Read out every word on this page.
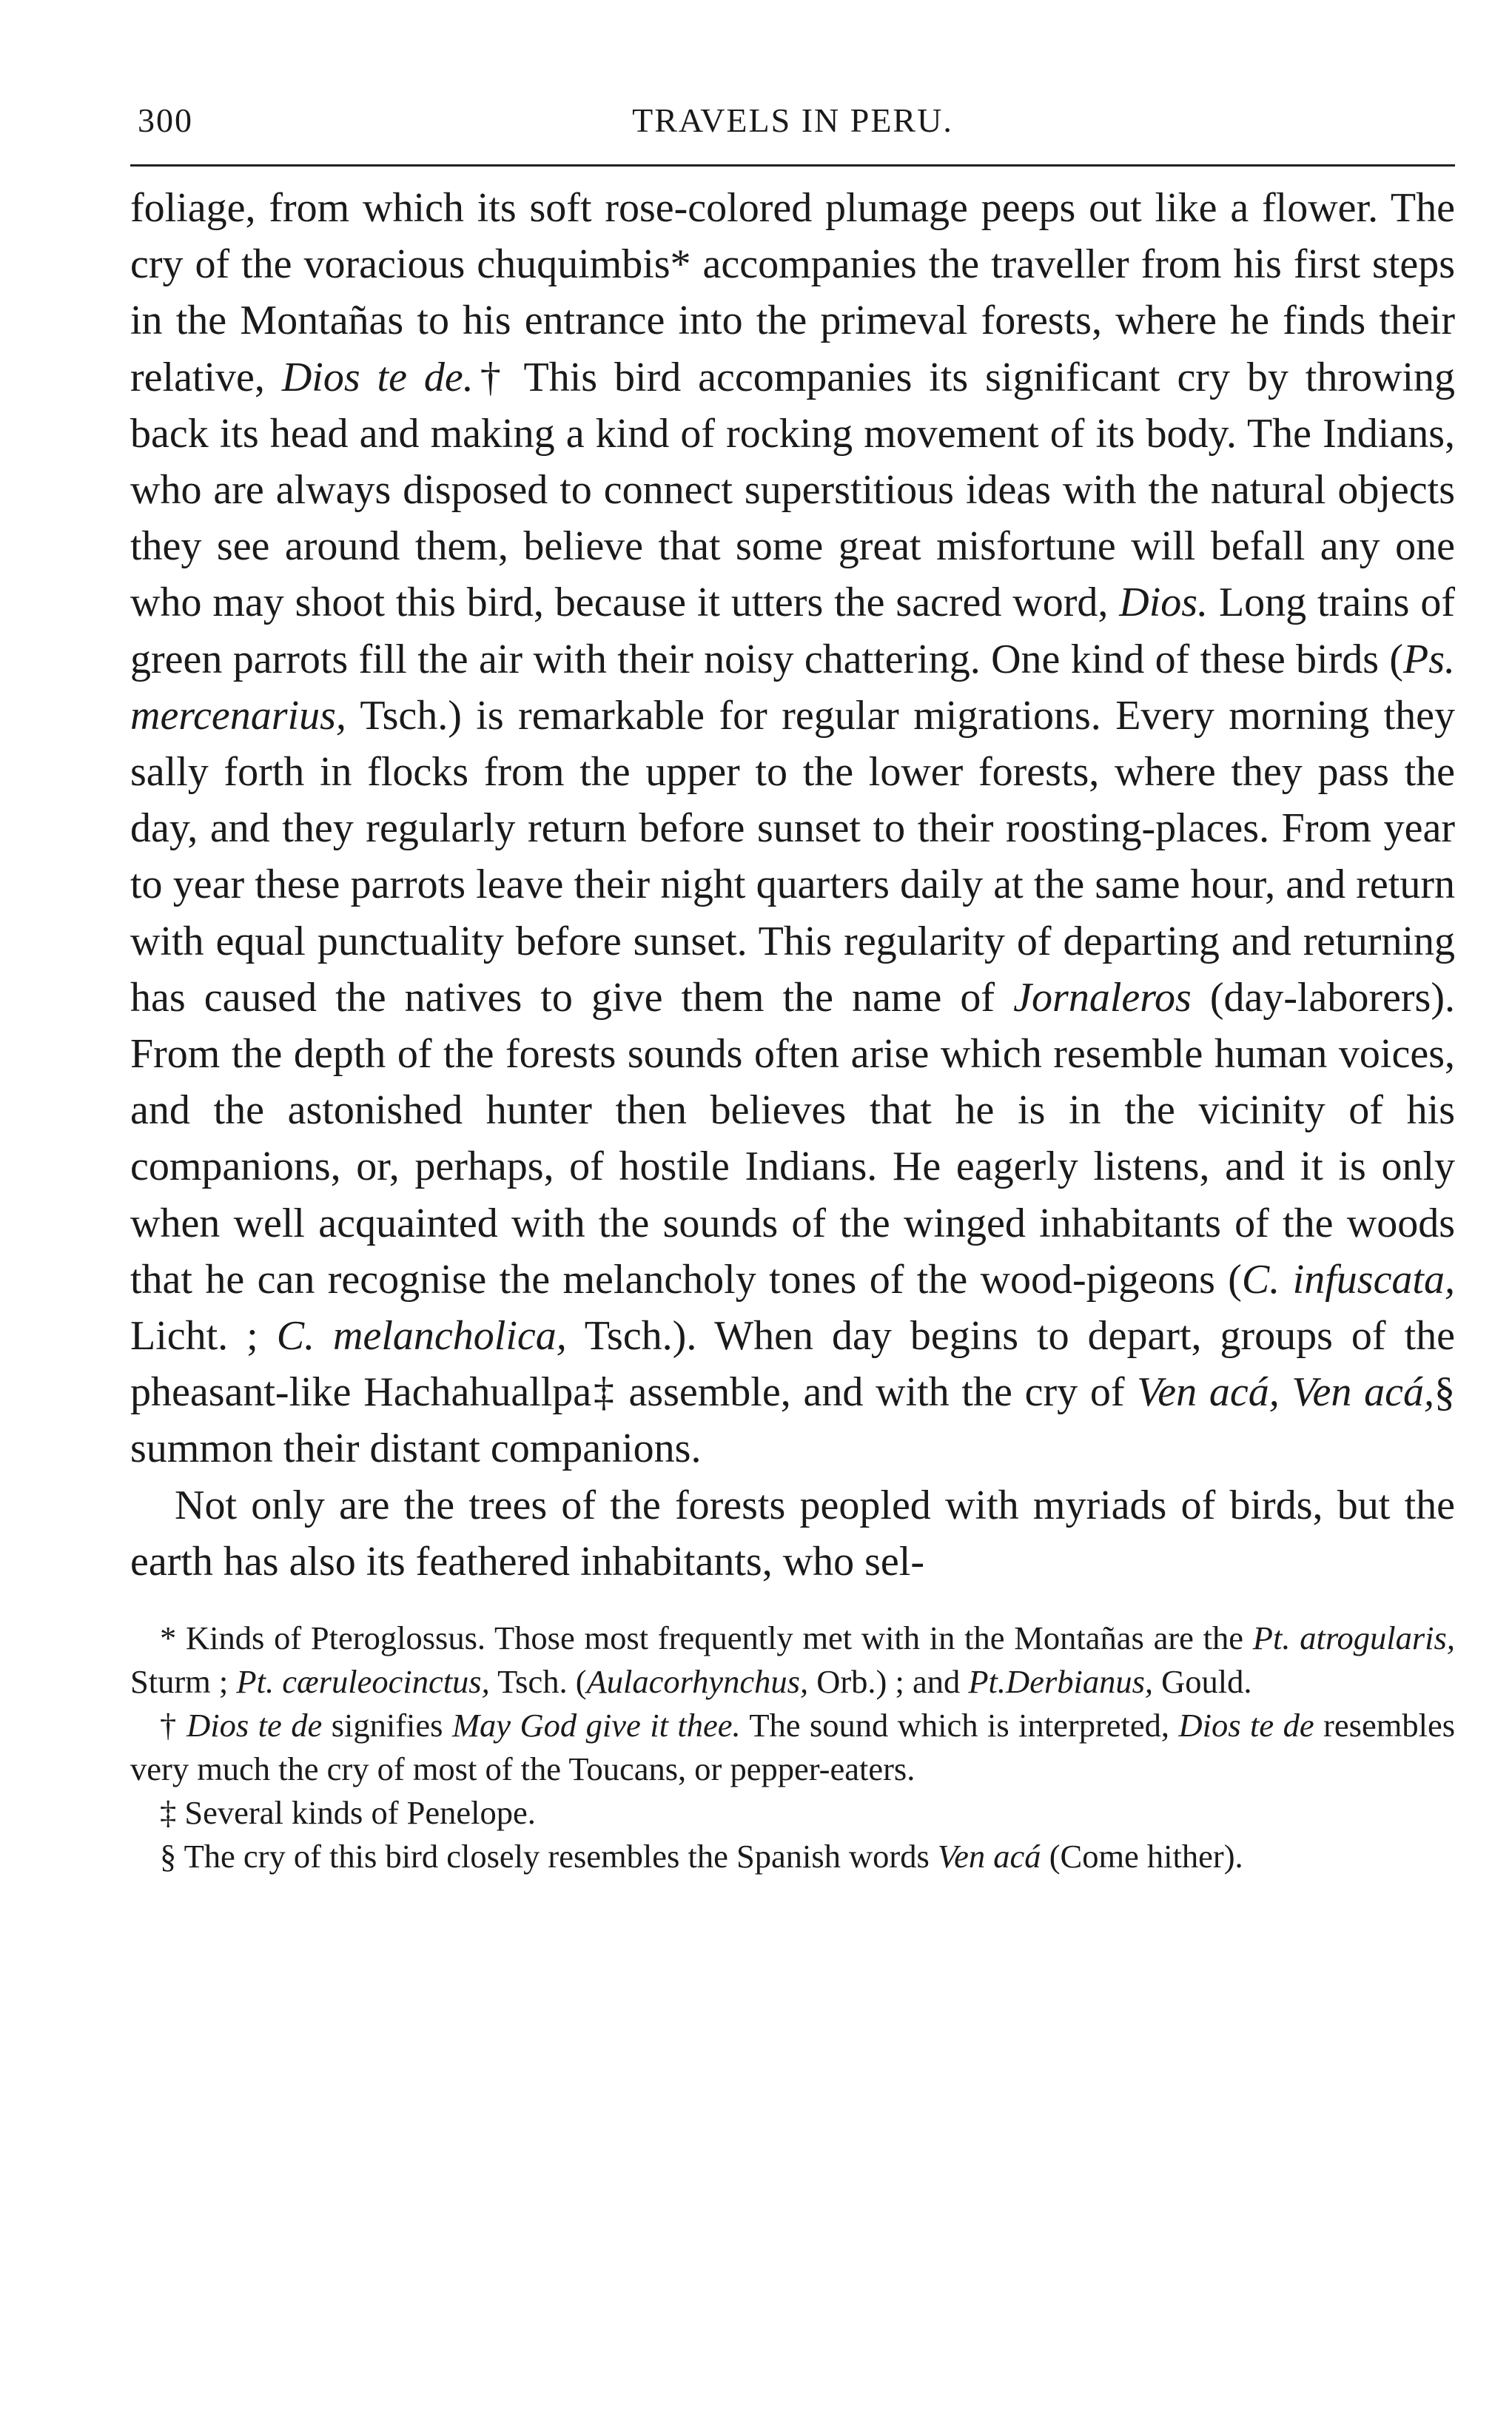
300	TRAVELS IN PERU.

foliage, from which its soft rose-colored plumage peeps out like a flower. The cry of the voracious chuquimbis* accompanies the traveller from his first steps in the Montañas to his entrance into the primeval forests, where he finds their relative, Dios te de.† This bird accompanies its significant cry by throwing back its head and making a kind of rocking movement of its body. The Indians, who are always disposed to connect superstitious ideas with the natural objects they see around them, believe that some great misfortune will befall any one who may shoot this bird, because it utters the sacred word, Dios. Long trains of green parrots fill the air with their noisy chattering. One kind of these birds (Ps. mercenarius, Tsch.) is remarkable for regular migrations. Every morning they sally forth in flocks from the upper to the lower forests, where they pass the day, and they regularly return before sunset to their roosting-places. From year to year these parrots leave their night quarters daily at the same hour, and return with equal punctuality before sunset. This regularity of departing and returning has caused the natives to give them the name of Jornaleros (day-laborers). From the depth of the forests sounds often arise which resemble human voices, and the astonished hunter then believes that he is in the vicinity of his companions, or, perhaps, of hostile Indians. He eagerly listens, and it is only when well acquainted with the sounds of the winged inhabitants of the woods that he can recognise the melancholy tones of the wood-pigeons (C. infuscata, Licht. ; C. melancholica, Tsch.). When day begins to depart, groups of the pheasant-like Hachahuallpa‡ assemble, and with the cry of Ven acá, Ven acá,§ summon their distant companions.

Not only are the trees of the forests peopled with myriads of birds, but the earth has also its feathered inhabitants, who sel-

* Kinds of Pteroglossus. Those most frequently met with in the Montañas are the Pt. atrogularis, Sturm ; Pt. cæruleocinctus, Tsch. (Aulacorhynchus, Orb.) ; and Pt.Derbianus, Gould.

† Dios te de signifies May God give it thee. The sound which is interpreted, Dios te de resembles very much the cry of most of the Toucans, or pepper-eaters.

‡ Several kinds of Penelope.

§ The cry of this bird closely resembles the Spanish words Ven acá (Come hither).
